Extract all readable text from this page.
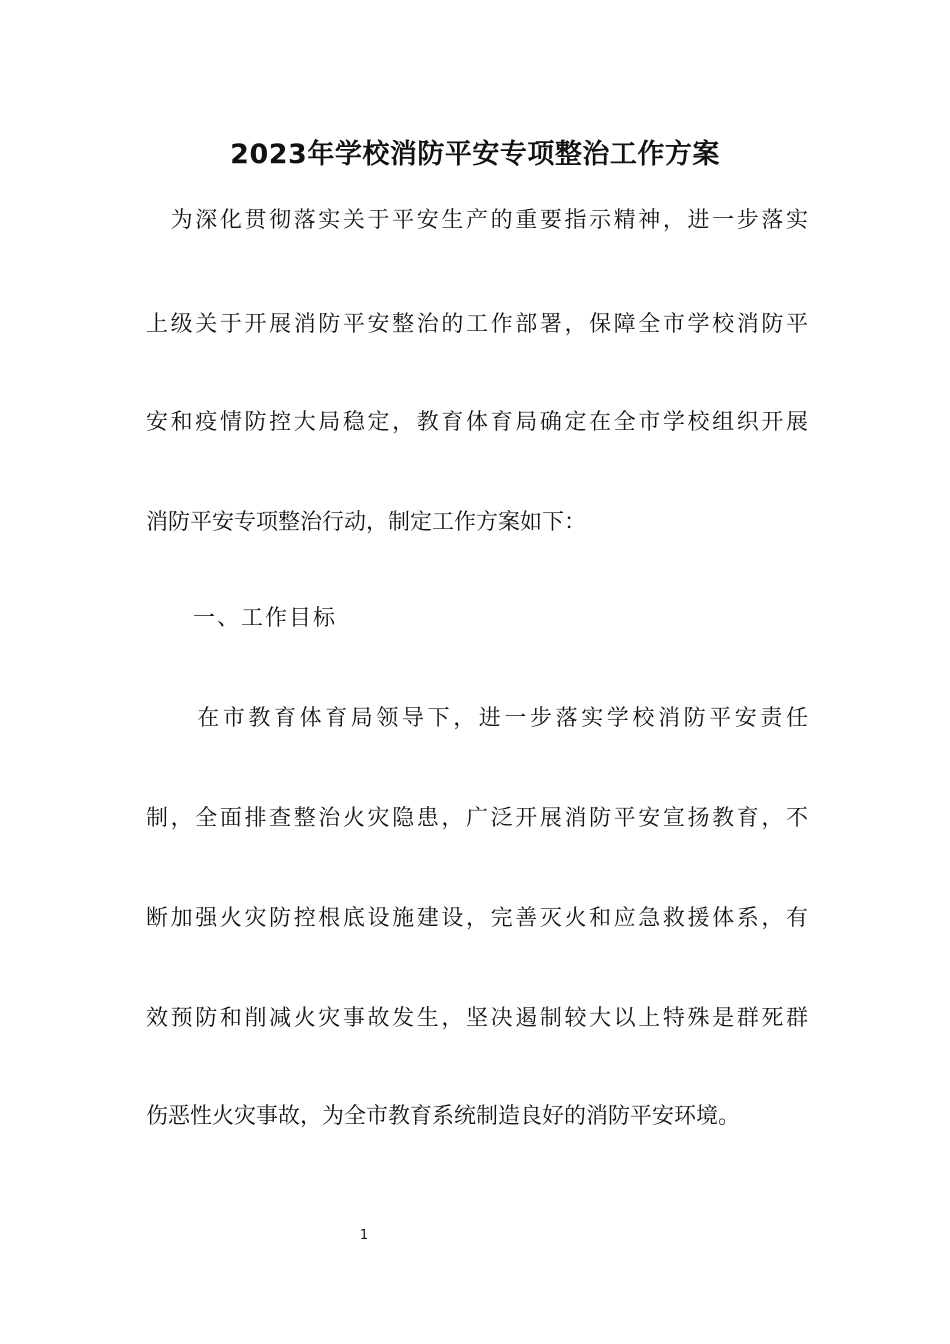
2023年学校消防平安专项整治工作方案
　为深化贯彻落实关于平安生产的重要指示精神，进一步落实
上级关于开展消防平安整治的工作部署，保障全市学校消防平
安和疫情防控大局稳定，教育体育局确定在全市学校组织开展
消防平安专项整治行动，制定工作方案如下：
一、工作目标
　　在市教育体育局领导下，进一步落实学校消防平安责任
制，全面排查整治火灾隐患，广泛开展消防平安宣扬教育，不
断加强火灾防控根底设施建设，完善灭火和应急救援体系，有
效预防和削减火灾事故发生，坚决遏制较大以上特殊是群死群
伤恶性火灾事故，为全市教育系统制造良好的消防平安环境。
1
